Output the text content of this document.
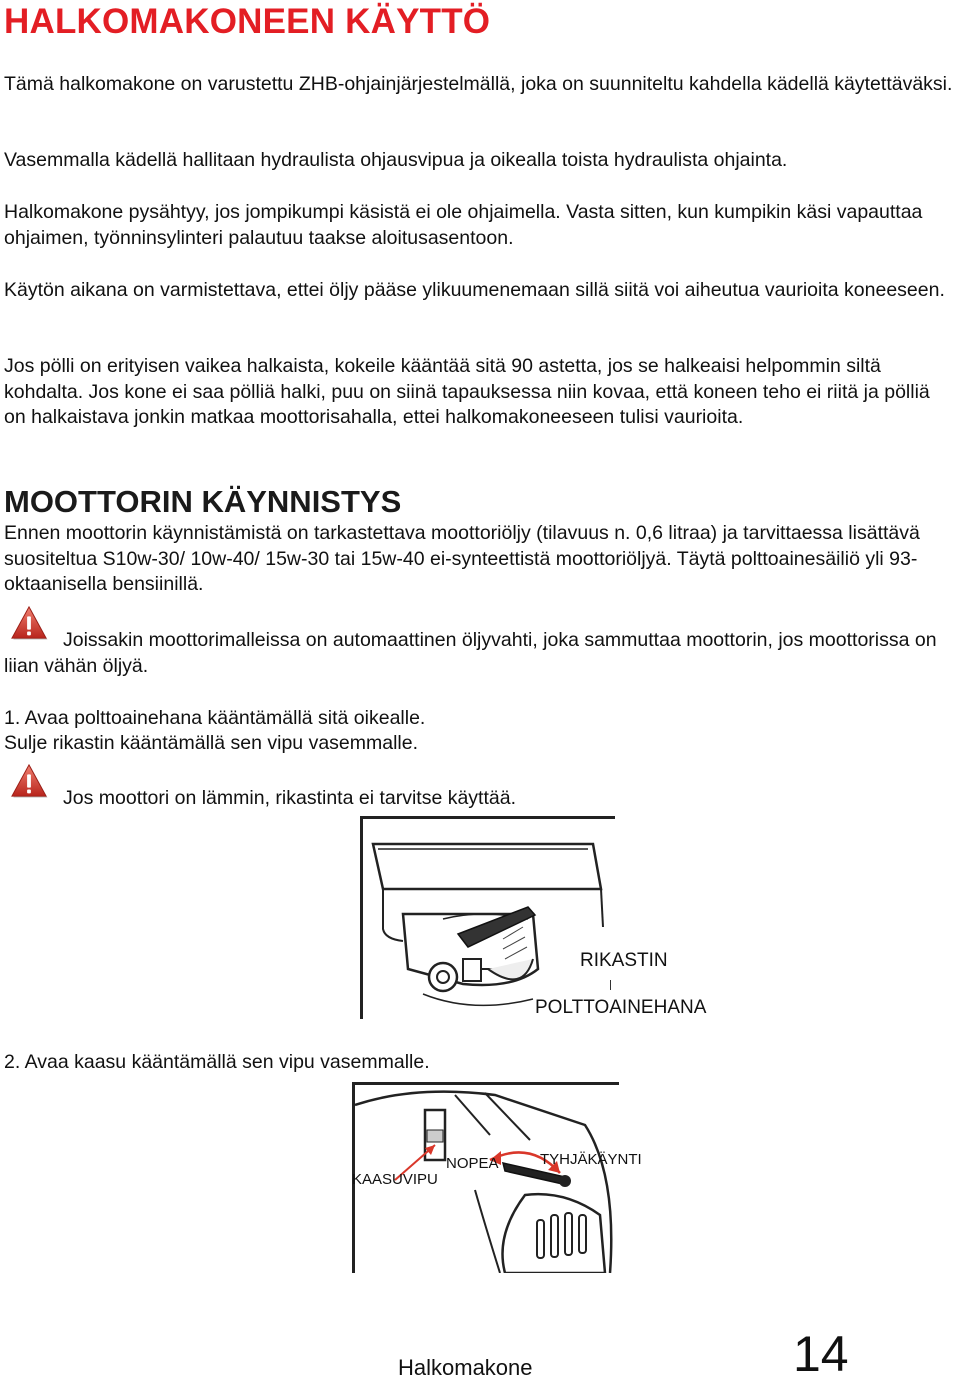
HALKOMAKONEEN KÄYTTÖ

Tämä halkomakone on varustettu ZHB-ohjainjärjestelmällä, joka on suunniteltu kahdella kädellä käytettäväksi.

Vasemmalla kädellä hallitaan hydraulista ohjausvipua ja oikealla toista hydraulista ohjainta.

Halkomakone pysähtyy, jos jompikumpi käsistä ei ole ohjaimella. Vasta sitten, kun kumpikin käsi vapauttaa ohjaimen, työnninsylinteri palautuu taakse aloitusasentoon.

Käytön aikana on varmistettava, ettei öljy pääse ylikuumenemaan sillä siitä voi aiheutua vaurioita koneeseen.

Jos pölli on erityisen vaikea halkaista, kokeile kääntää sitä 90 astetta, jos se halkeaisi helpommin siltä kohdalta. Jos kone ei saa pölliä halki, puu on siinä tapauksessa niin kovaa, että koneen teho ei riitä ja pölliä on halkaistava jonkin matkaa moottorisahalla, ettei halkomakoneeseen tulisi vaurioita.

MOOTTORIN KÄYNNISTYS

Ennen moottorin käynnistämistä on tarkastettava moottoriöljy (tilavuus n. 0,6 litraa) ja tarvittaessa lisättävä suositeltua S10w-30/ 10w-40/ 15w-30 tai 15w-40 ei-synteettistä moottoriöljyä. Täytä polttoainesäiliö yli 93-oktaanisella bensiinillä.

Joissakin moottorimalleissa on automaattinen öljyvahti, joka sammuttaa moottorin, jos moottorissa on liian vähän öljyä.

1. Avaa polttoainehana kääntämällä sitä oikealle.

Sulje rikastin kääntämällä sen vipu vasemmalle.

Jos moottori on lämmin, rikastinta ei tarvitse käyttää.

RIKASTIN
POLTTOAINEHANA

2. Avaa kaasu kääntämällä sen vipu vasemmalle.

NOPEA	TYHJÄKÄYNTI
KAASUVIPU
Halkomakone	14
